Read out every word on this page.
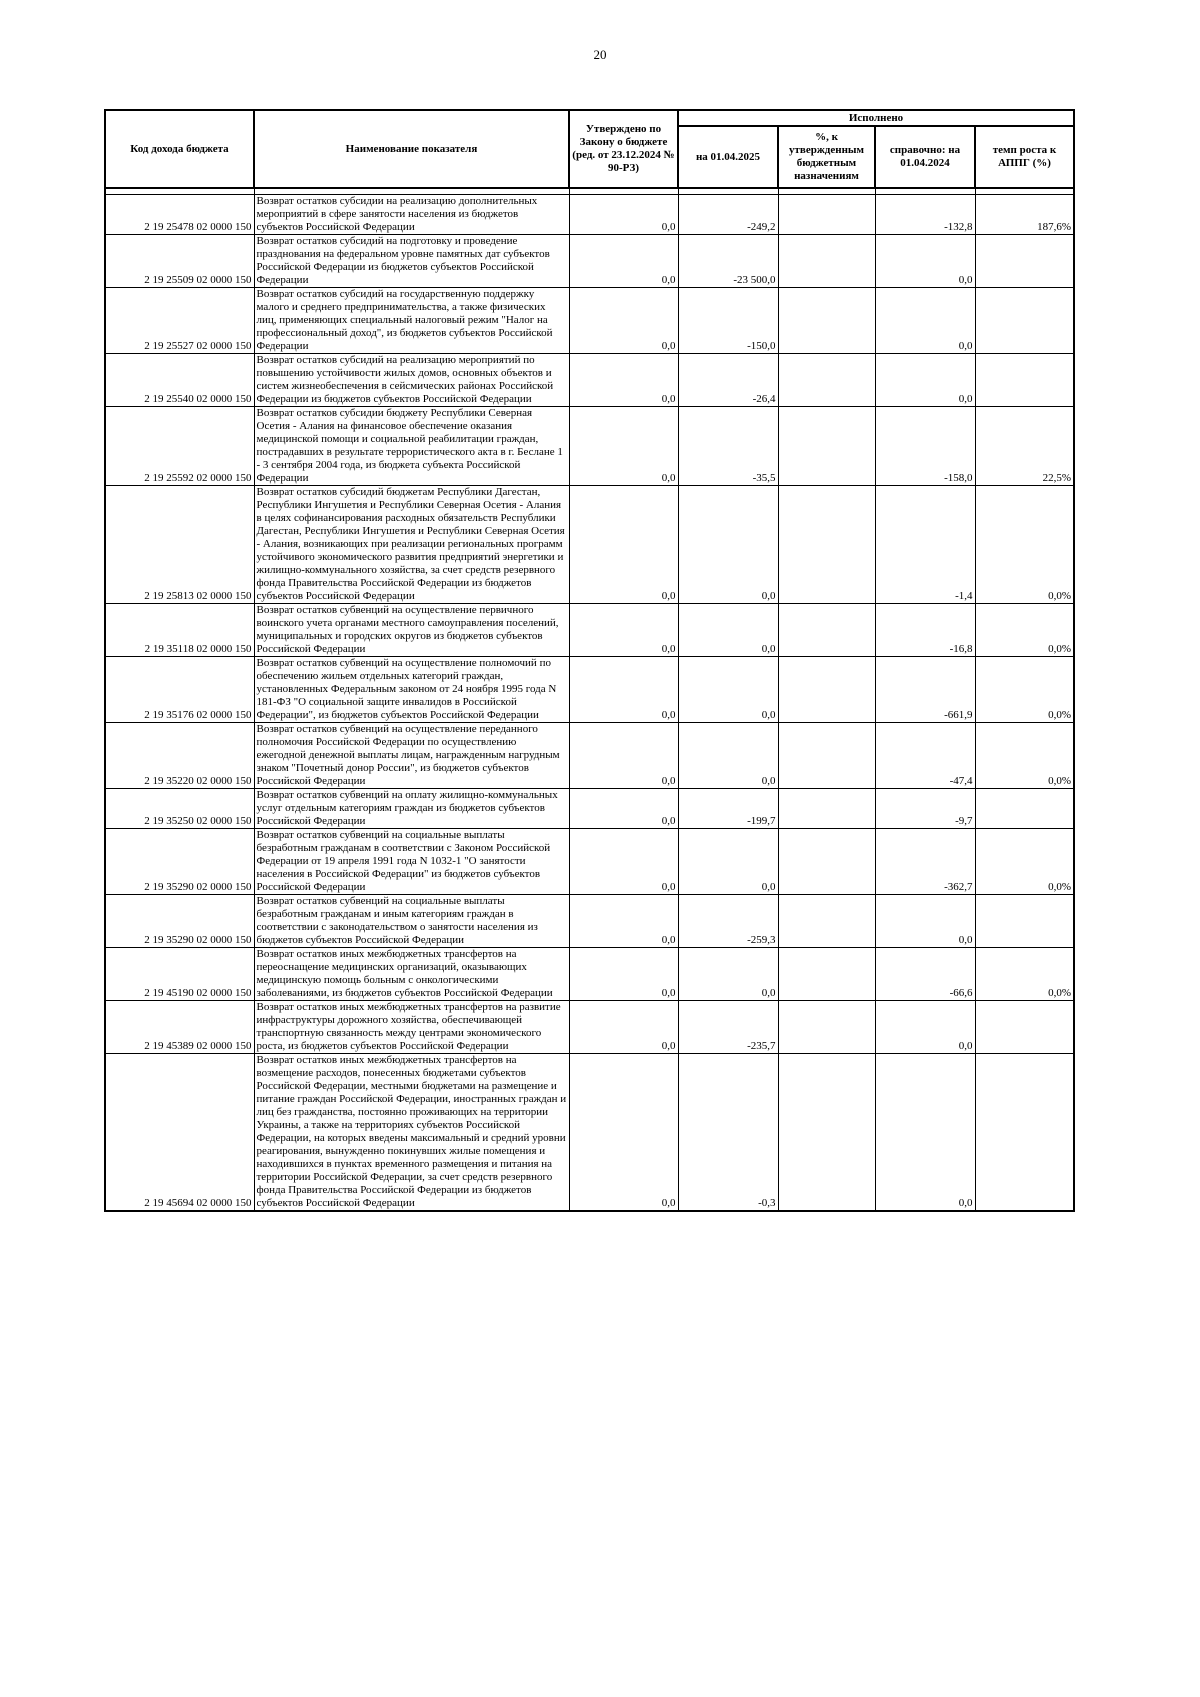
20
Код дохода бюджета	Наименование показателя	Утверждено по Закону о бюджете (ред. от 23.12.2024 № 90-РЗ)	Исполнено			
			на 01.04.2025	%, к утвержденным бюджетным назначениям	справочно: на 01.04.2024	темп роста к АППГ (%)

2 19 25478 02 0000 150	Возврат остатков субсидии на реализацию дополнительных мероприятий в сфере занятости населения из бюджетов субъектов Российской Федерации	0,0	-249,2		-132,8	187,6%
2 19 25509 02 0000 150	Возврат остатков субсидий на подготовку и проведение празднования на федеральном уровне памятных дат субъектов Российской Федерации из бюджетов субъектов Российской Федерации	0,0	-23 500,0		0,0	
2 19 25527 02 0000 150	Возврат остатков субсидий на государственную поддержку малого и среднего предпринимательства, а также физических лиц, применяющих специальный налоговый режим "Налог на профессиональный доход", из бюджетов субъектов Российской Федерации	0,0	-150,0		0,0	
2 19 25540 02 0000 150	Возврат остатков субсидий на реализацию мероприятий по повышению устойчивости жилых домов, основных объектов и систем жизнеобеспечения в сейсмических районах Российской Федерации из бюджетов субъектов Российской Федерации	0,0	-26,4		0,0	
2 19 25592 02 0000 150	Возврат остатков субсидии бюджету Республики Северная Осетия - Алания на финансовое обеспечение оказания медицинской помощи и социальной реабилитации граждан, пострадавших в результате террористического акта в г. Беслане 1 - 3 сентября 2004 года, из бюджета субъекта Российской Федерации	0,0	-35,5		-158,0	22,5%
2 19 25813 02 0000 150	Возврат остатков субсидий бюджетам Республики Дагестан, Республики Ингушетия и Республики Северная Осетия - Алания в целях софинансирования расходных обязательств Республики Дагестан, Республики Ингушетия и Республики Северная Осетия - Алания, возникающих при реализации региональных программ устойчивого экономического развития предприятий энергетики и жилищно-коммунального хозяйства, за счет средств резервного фонда Правительства Российской Федерации из бюджетов субъектов Российской Федерации	0,0	0,0		-1,4	0,0%
2 19 35118 02 0000 150	Возврат остатков субвенций на осуществление первичного воинского учета органами местного самоуправления поселений, муниципальных и городских округов из бюджетов субъектов Российской Федерации	0,0	0,0		-16,8	0,0%
2 19 35176 02 0000 150	Возврат остатков субвенций на осуществление полномочий по обеспечению жильем отдельных категорий граждан, установленных Федеральным законом от 24 ноября 1995 года N 181-ФЗ "О социальной защите инвалидов в Российской Федерации", из бюджетов субъектов Российской Федерации	0,0	0,0		-661,9	0,0%
2 19 35220 02 0000 150	Возврат остатков субвенций на осуществление переданного полномочия Российской Федерации по осуществлению ежегодной денежной выплаты лицам, награжденным нагрудным знаком "Почетный донор России", из бюджетов субъектов Российской Федерации	0,0	0,0		-47,4	0,0%
2 19 35250 02 0000 150	Возврат остатков субвенций на оплату жилищно-коммунальных услуг отдельным категориям граждан из бюджетов субъектов Российской Федерации	0,0	-199,7		-9,7	
2 19 35290 02 0000 150	Возврат остатков субвенций на социальные выплаты безработным гражданам в соответствии с Законом Российской Федерации от 19 апреля 1991 года N 1032-1 "О занятости населения в Российской Федерации" из бюджетов субъектов Российской Федерации	0,0	0,0		-362,7	0,0%
2 19 35290 02 0000 150	Возврат остатков субвенций на социальные выплаты безработным гражданам и иным категориям граждан в соответствии с законодательством о занятости населения из бюджетов субъектов Российской Федерации	0,0	-259,3		0,0	
2 19 45190 02 0000 150	Возврат остатков иных межбюджетных трансфертов на переоснащение медицинских организаций, оказывающих медицинскую помощь больным с онкологическими заболеваниями, из бюджетов субъектов Российской Федерации	0,0	0,0		-66,6	0,0%
2 19 45389 02 0000 150	Возврат остатков иных межбюджетных трансфертов на развитие инфраструктуры дорожного хозяйства, обеспечивающей транспортную связанность между центрами экономического роста, из бюджетов субъектов Российской Федерации	0,0	-235,7		0,0	
2 19 45694 02 0000 150	Возврат остатков иных межбюджетных трансфертов на возмещение расходов, понесенных бюджетами субъектов Российской Федерации, местными бюджетами на размещение и питание граждан Российской Федерации, иностранных граждан и лиц без гражданства, постоянно проживающих на территории Украины, а также на территориях субъектов Российской Федерации, на которых введены максимальный и средний уровни реагирования, вынужденно покинувших жилые помещения и находившихся в пунктах временного размещения и питания на территории Российской Федерации, за счет средств резервного фонда Правительства Российской Федерации из бюджетов субъектов Российской Федерации	0,0	-0,3		0,0	
